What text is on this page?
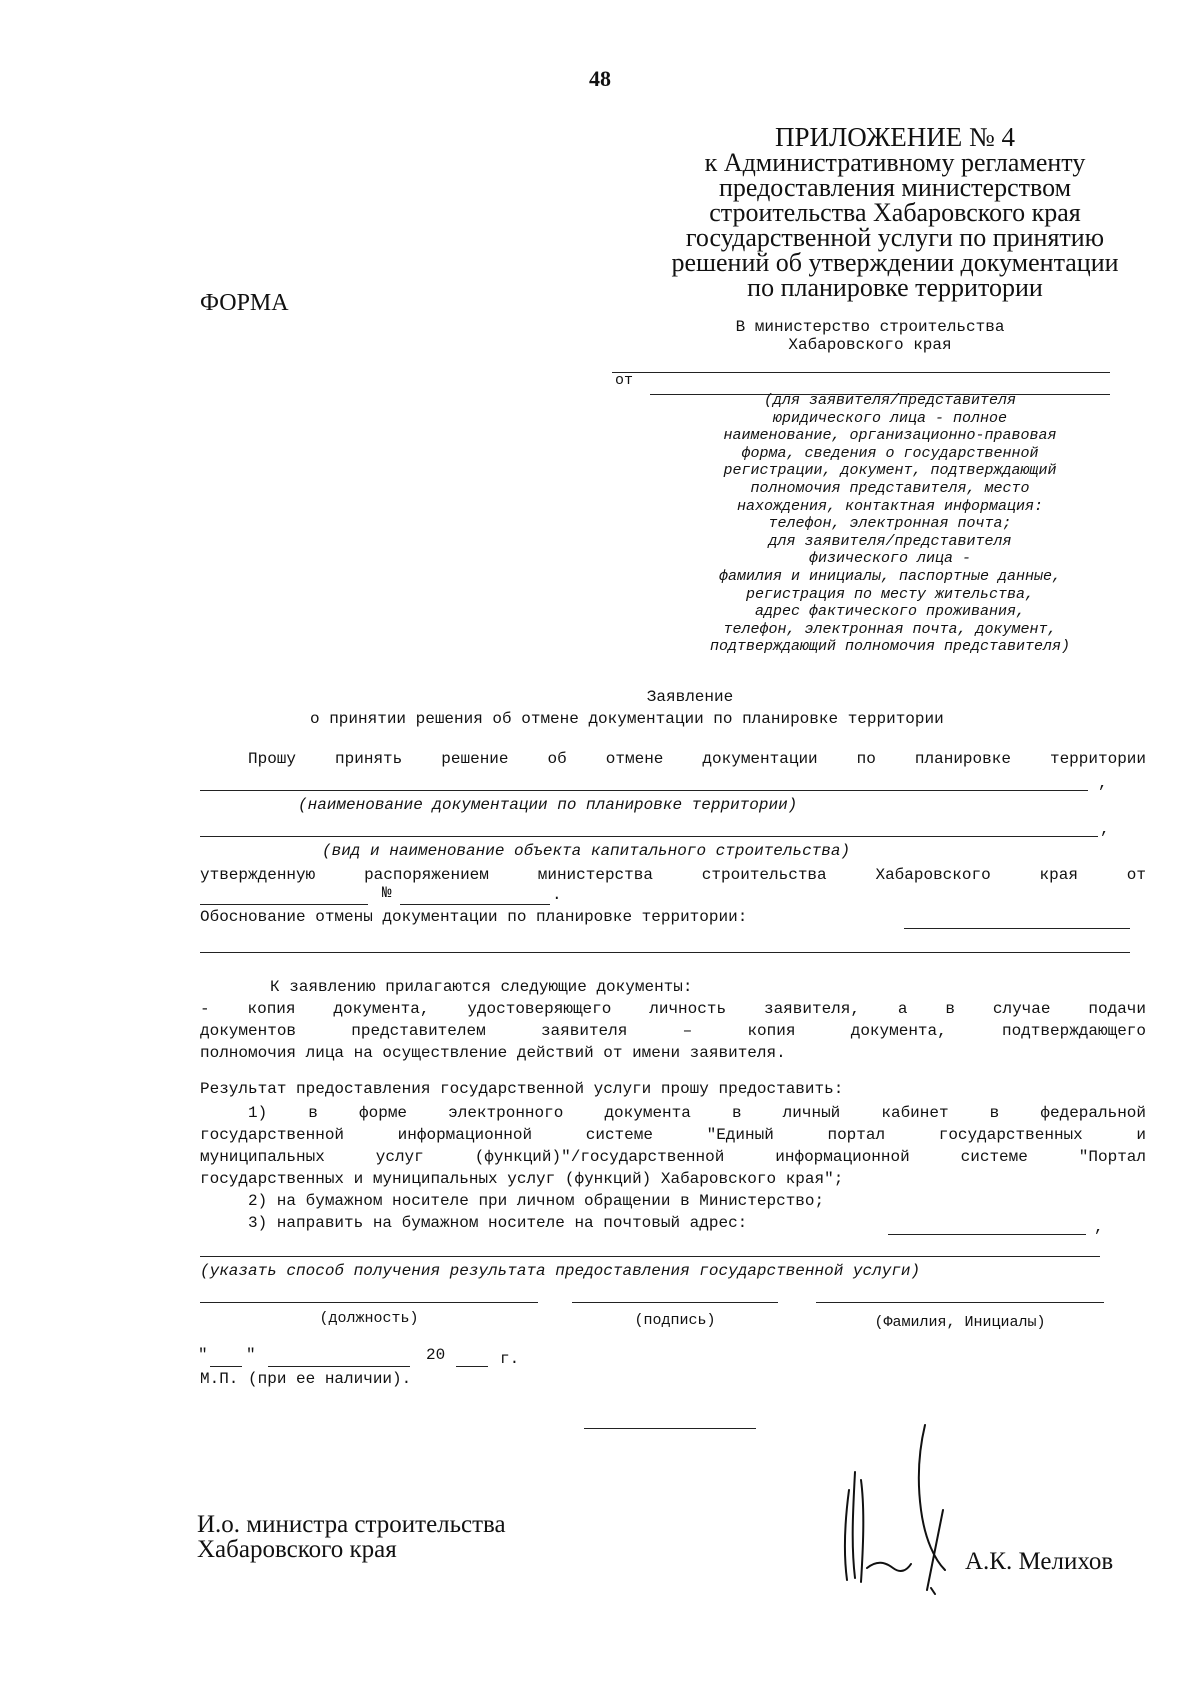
48
ПРИЛОЖЕНИЕ № 4
к Административному регламенту
предоставления министерством
строительства Хабаровского края
государственной услуги по принятию
решений об утверждении документации
по планировке территории
ФОРМА
В министерство строительства
Хабаровского края
от
(для заявителя/представителя
юридического лица - полное
наименование, организационно-правовая
форма, сведения о государственной
регистрации, документ, подтверждающий
полномочия представителя, место
нахождения, контактная информация:
телефон, электронная почта;
для заявителя/представителя
физического лица -
фамилия и инициалы, паспортные данные,
регистрация по месту жительства,
адрес фактического проживания,
телефон, электронная почта, документ,
подтверждающий полномочия представителя)
Заявление
о принятии решения об отмене документации по планировке территории
Прошу принять решение об отмене документации по планировке территории
,
(наименование документации по планировке территории)
,
(вид и наименование объекта капитального строительства)
утвержденную распоряжением министерства строительства Хабаровского края от
№	.
Обоснование отмены документации по планировке территории:
К заявлению прилагаются следующие документы:
- копия документа, удостоверяющего личность заявителя, а в случае подачи
документов представителем заявителя – копия документа, подтверждающего
полномочия лица на осуществление действий от имени заявителя.
Результат предоставления государственной услуги прошу предоставить:
1) в форме электронного документа в личный кабинет в федеральной
государственной информационной системе "Единый портал государственных и
муниципальных услуг (функций)"/государственной информационной системе "Портал
государственных и муниципальных услуг (функций) Хабаровского края";
2) на бумажном носителе при личном обращении в Министерство;
3) направить на бумажном носителе на почтовый адрес:	,
(указать способ получения результата предоставления государственной услуги)
(должность)	(подпись)	(Фамилия, Инициалы)
" "	20	г.
М.П. (при ее наличии).
И.о. министра строительства
Хабаровского края	А.К. Мелихов
